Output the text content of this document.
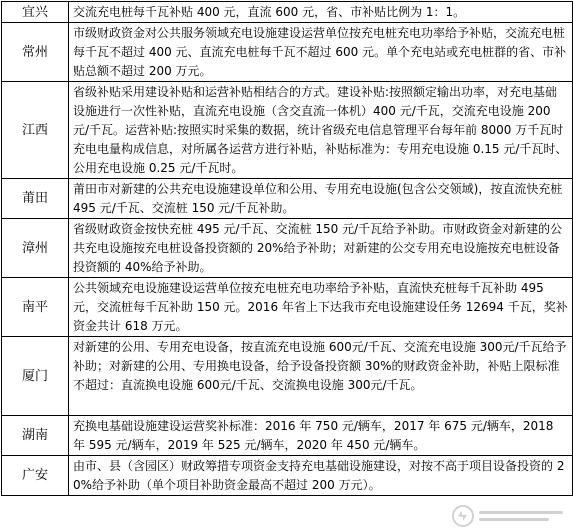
宜兴	交流充电桩每千瓦补贴 400 元，直流 600 元，省、市补贴比例为 1：1。
常州	市级财政资金对公共服务领域充电设施建设运营单位按充电桩充电功率给予补贴，交流充电桩每千瓦不超过 400 元、直流充电桩每千瓦不超过 600 元。单个充电站或充电桩群的省、市补贴总额不超过 200 万元。
江西	省级补贴采用建设补贴和运营补贴相结合的方式。建设补贴:按照额定输出功率，对充电基础设施进行一次性补贴，直流充电设施（含交直流一体机）400 元/千瓦，交流充电设施 200 元/千瓦。运营补贴:按照实时采集的数据，统计省级充电信息管理平台每年前 8000 万千瓦时充电电量构成信息，对所属各运营方进行补贴，补贴标准为：专用充电设施 0.15 元/千瓦时、公用充电设施 0.25 元/千瓦时。
莆田	莆田市对新建的公共充电设施建设单位和公用、专用充电设施(包含公交领域)，按直流快充桩 495 元/千瓦、交流桩 150 元/千瓦补助。
漳州	省级财政资金按快充桩 495 元/千瓦、交流桩 150 元/千瓦给予补助。市财政资金对新建的公共充电设施按充电桩设备投资额的 20%给予补助；对新建的公交专用充电设施按充电桩设备投资额的 40%给予补助。
南平	公共领域充电设施建设运营单位按充电桩充电功率给予补贴，直流快充桩每千瓦补助 495 元，交流桩每千瓦补助 150 元。2016 年省上下达我市充电设施建设任务 12694 千瓦，奖补资金共计 618 万元。
厦门	对新建的公用、专用充电设备，按直流充电设施 600元/千瓦、交流充电设施 300元/千瓦给予补助；对新建的公用、专用换电设备，给予设备投资额 30%的财政资金补助，补贴上限标准不超过：直流换电设施 600元/千瓦、交流换电设施 300元/千瓦。
湖南	充换电基础设施建设运营奖补标准：2016 年 750 元/辆车，2017 年 675 元/辆车，2018 年 595 元/辆车，2019 年 525 元/辆车，2020 年 450 元/辆车。
广安	由市、县（含园区）财政筹措专项资金支持充电基础设施建设，对按不高于项目设备投资的 20%给予补助（单个项目补助资金最高不超过 200 万元）。
